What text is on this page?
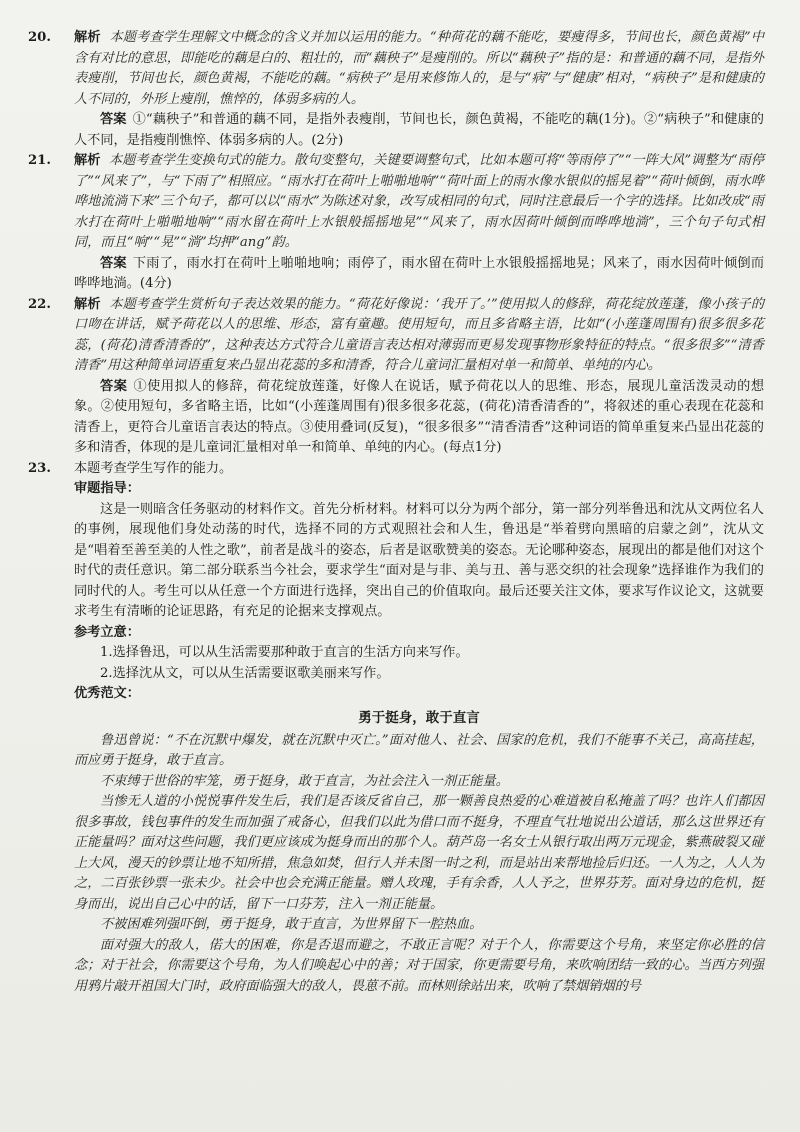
20. 解析 本题考查学生理解文中概念的含义并加以运用的能力。“种荷花的藕不能吃，要瘦得多，节间也长，颜色黄褐”中含有对比的意思，即能吃的藕是白的、粗壮的，而“藕秧子”是瘦削的。所以“藕秧子”指的是：和普通的藕不同，是指外表瘦削，节间也长，颜色黄褐，不能吃的藕。“病秧子”是用来修饰人的，是与“病”与“健康”相对，“病秧子”是和健康的人不同的，外形上瘦削，憔悴的，体弱多病的人。

答案 ①“藕秧子”和普通的藕不同，是指外表瘦削，节间也长，颜色黄褐，不能吃的藕(1分)。②“病秧子”和健康的人不同，是指瘦削憔悴、体弱多病的人。(2分)

21. 解析 本题考查学生变换句式的能力。散句变整句，关键要调整句式，比如本题可将“等雨停了”“一阵大风”调整为“雨停了”“风来了”，与“下雨了”相照应。“雨水打在荷叶上啪啪地响”“荷叶面上的雨水像水银似的摇晃着”“荷叶倾倒，雨水哗哗地流淌下来”三个句子，都可以以“雨水”为陈述对象，改写成相同的句式，同时注意最后一个字的选择。比如改成“雨水打在荷叶上啪啪地响”“雨水留在荷叶上水银般摇摇地晃”“风来了，雨水因荷叶倾倒而哗哗地淌”，三个句子句式相同，而且“响”“晃”“淌”均押“ang”韵。

答案 下雨了，雨水打在荷叶上啪啪地响；雨停了，雨水留在荷叶上水银般摇摇地晃；风来了，雨水因荷叶倾倒而哗哗地淌。(4分)

22. 解析 本题考查学生赏析句子表达效果的能力。“荷花好像说：‘我开了。’”使用拟人的修辞，荷花绽放莲蓬，像小孩子的口吻在讲话，赋予荷花以人的思维、形态，富有童趣。使用短句，而且多省略主语，比如“(小莲蓬周围有)很多很多花蕊，(荷花)清香清香的”，这种表达方式符合儿童语言表达相对薄弱而更易发现事物形象特征的特点。“很多很多”“清香清香”用这种简单词语重复来凸显出花蕊的多和清香，符合儿童词汇量相对单一和简单、单纯的内心。

答案 ①使用拟人的修辞，荷花绽放莲蓬，好像人在说话，赋予荷花以人的思维、形态，展现儿童活泼灵动的想象。②使用短句，多省略主语，比如“(小莲蓬周围有)很多很多花蕊，(荷花)清香清香的”，将叙述的重心表现在花蕊和清香上，更符合儿童语言表达的特点。③使用叠词(反复)，“很多很多”“清香清香”这种词语的简单重复来凸显出花蕊的多和清香，体现的是儿童词汇量相对单一和简单、单纯的内心。(每点1分)

23. 本题考查学生写作的能力。

审题指导：

这是一则暗含任务驱动的材料作文。首先分析材料。材料可以分为两个部分，第一部分列举鲁迅和沈从文两位名人的事例，展现他们身处动荡的时代，选择不同的方式观照社会和人生，鲁迅是“举着劈向黑暗的启蒙之剑”，沈从文是“唱着至善至美的人性之歌”，前者是战斗的姿态，后者是讴歌赞美的姿态。无论哪种姿态，展现出的都是他们对这个时代的责任意识。第二部分联系当今社会，要求学生“面对是与非、美与丑、善与恶交织的社会现象”选择谁作为我们的同时代的人。考生可以从任意一个方面进行选择，突出自己的价值取向。最后还要关注文体，要求写作议论文，这就要求考生有清晰的论证思路，有充足的论据来支撑观点。

参考立意：

1.选择鲁迅，可以从生活需要那种敢于直言的生活方向来写作。

2.选择沈从文，可以从生活需要讴歌美丽来写作。

优秀范文：

勇于挺身，敢于直言

鲁迅曾说：“不在沉默中爆发，就在沉默中灭亡。”面对他人、社会、国家的危机，我们不能事不关己，高高挂起，而应勇于挺身，敢于直言。

不束缚于世俗的牢笼，勇于挺身，敢于直言，为社会注入一剂正能量。

当惨无人道的小悦悦事件发生后，我们是否该反省自己，那一颗善良热爱的心难道被自私掩盖了吗？也许人们都因很多事故，钱包事件的发生而加强了戒备心，但我们以此为借口而不挺身，不理直气壮地说出公道话，那么这世界还有正能量吗？面对这些问题，我们更应该成为挺身而出的那个人。葫芦岛一名女士从银行取出两万元现金，紫燕破裂又碰上大风，漫天的钞票让地不知所措，焦急如焚，但行人并未图一时之利，而是站出来帮地捡后归还。一人为之，人人为之，二百张钞票一张未少。社会中也会充满正能量。赠人玫瑰，手有余香，人人予之，世界芬芳。面对身边的危机，挺身而出，说出自己心中的话，留下一口芬芳，注入一剂正能量。

不被困难列强吓倒，勇于挺身，敢于直言，为世界留下一腔热血。

面对强大的敌人，偌大的困难，你是否退而避之，不敢正言呢？对于个人，你需要这个号角，来坚定你必胜的信念；对于社会，你需要这个号角，为人们唤起心中的善；对于国家，你更需要号角，来吹响团结一致的心。当西方列强用鸦片敲开祖国大门时，政府面临强大的敌人，畏葸不前。而林则徐站出来，吹响了禁烟销烟的号
